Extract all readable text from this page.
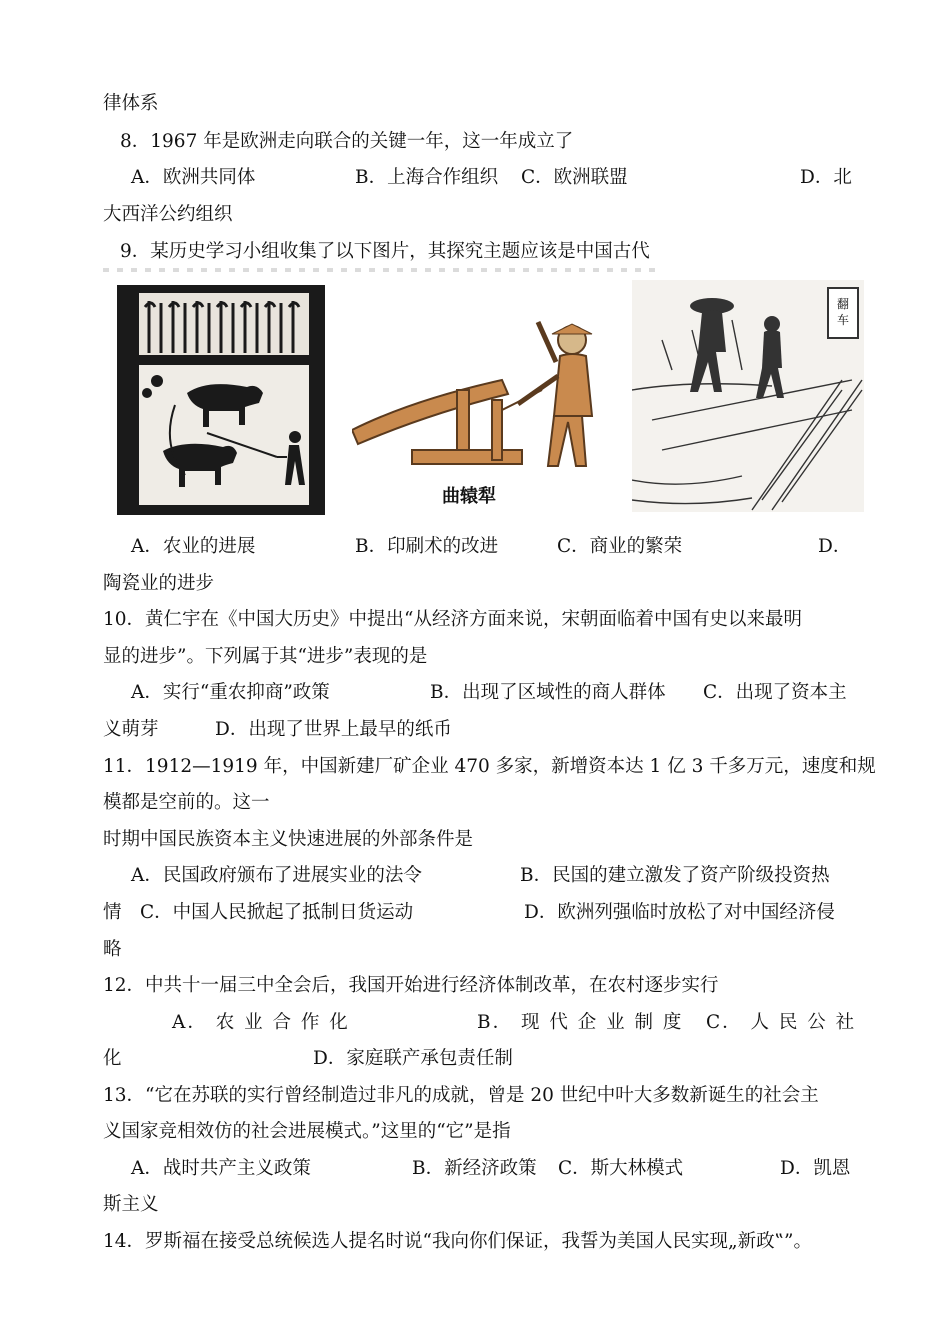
律体系
8．1967 年是欧洲走向联合的关键一年，这一年成立了
A．欧洲共同体	B．上海合作组织 C．欧洲联盟	D．北
大西洋公约组织
9．某历史学习小组收集了以下图片，其探究主题应该是中国古代
曲辕犁
翻车
A．农业的进展	B．印刷术的改进	C．商业的繁荣	D．
陶瓷业的进步
10．黄仁宇在《中国大历史》中提出“从经济方面来说，宋朝面临着中国有史以来最明
显的进步”。下列属于其“进步”表现的是
A．实行“重农抑商”政策	B．出现了区域性的商人群体 C．出现了资本主
义萌芽	D．出现了世界上最早的纸币
11．1912—1919 年，中国新建厂矿企业 470 多家，新增资本达 1 亿 3 千多万元，速度和规
模都是空前的。这一
时期中国民族资本主义快速进展的外部条件是
A．民国政府颁布了进展实业的法令	B．民国的建立激发了资产阶级投资热
情 C．中国人民掀起了抵制日货运动	D．欧洲列强临时放松了对中国经济侵
略
12．中共十一届三中全会后，我国开始进行经济体制改革，在农村逐步实行
A． 农 业 合 作 化	B． 现 代 企 业 制 度 C． 人 民 公 社
化	D．家庭联产承包责任制
13．“它在苏联的实行曾经制造过非凡的成就，曾是 20 世纪中叶大多数新诞生的社会主
义国家竞相效仿的社会进展模式。”这里的“它”是指
A．战时共产主义政策	B．新经济政策 C．斯大林模式	D．凯恩
斯主义
14．罗斯福在接受总统候选人提名时说“我向你们保证，我誓为美国人民实现„新政‟”。
